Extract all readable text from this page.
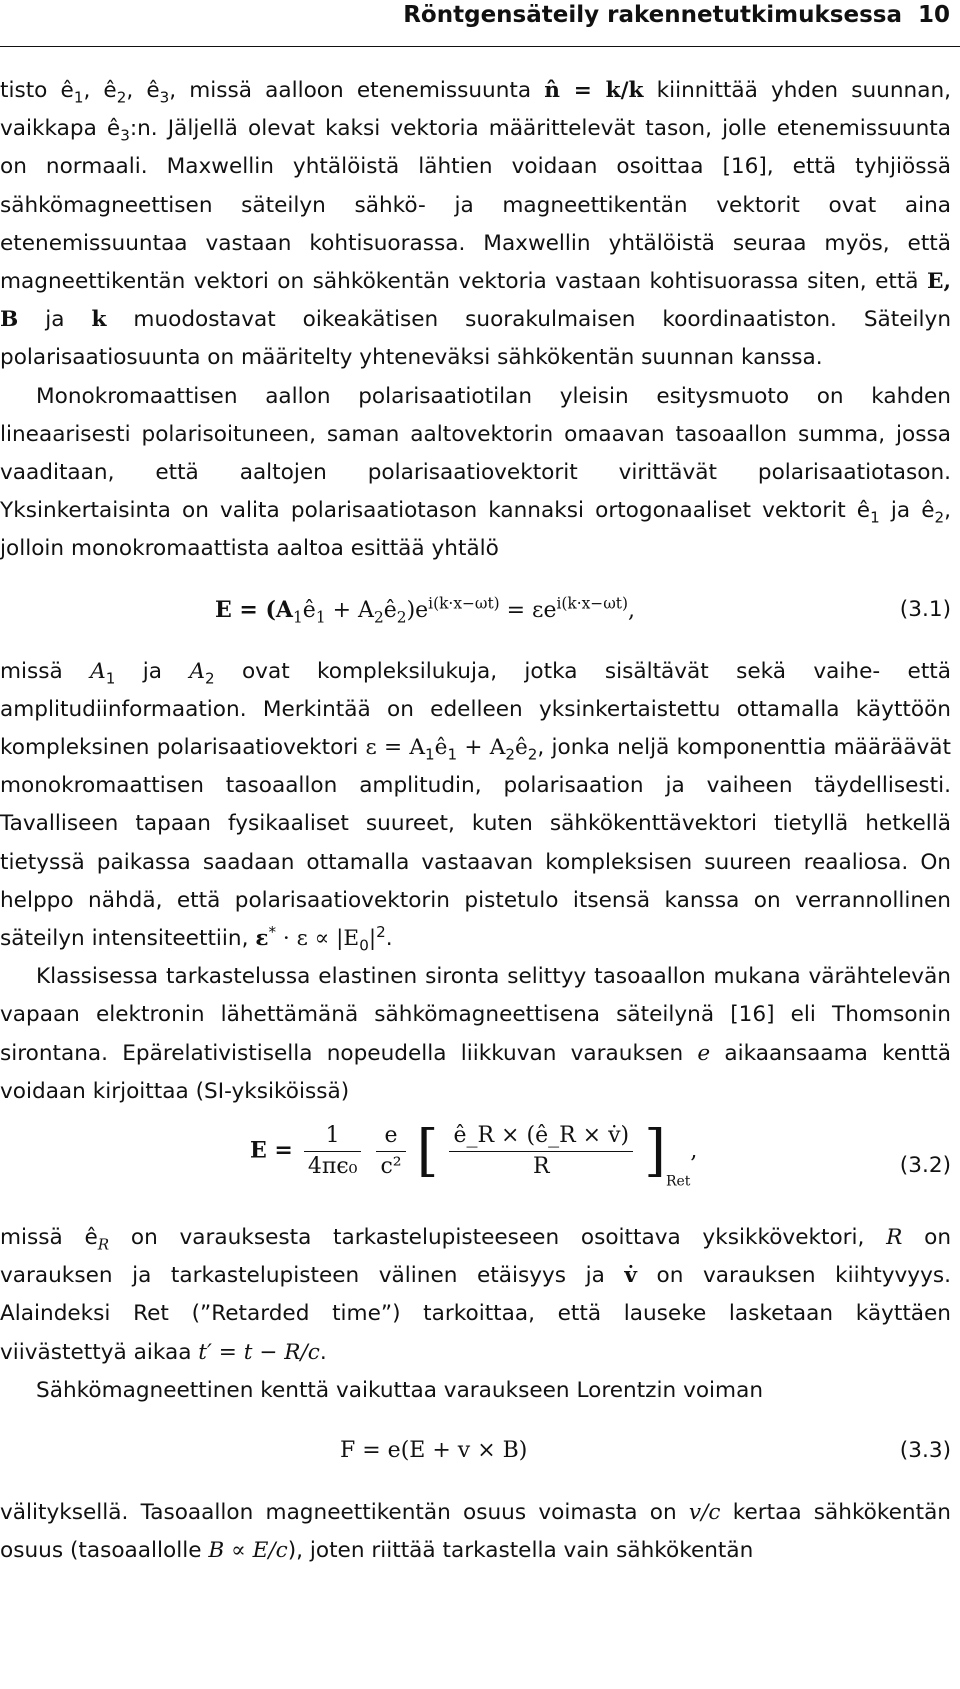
Röntgensäteily rakennetutkimuksessa 10

tisto $ê_1$, $ê_2$, $ê_3$, missä aalloon etenemissuunta n̂ = k/k kiinnittää yhden suunnan, vaikkapa $ê_3:n$. Jäljellä olevat kaksi vektoria määrittelevät tason, jolle etenemissuunta on normaali. Maxwellin yhtälöistä lähtien voidaan osoittaa [16], että tyhjiössä sähkömagneettisen säteilyn sähkö- ja magneettikentän vektorit ovat aina etenemissuuntaa vastaan kohtisuorassa. Maxwellin yhtälöistä seuraa myös, että magneettikentän vektori on sähkökentän vektoria vastaan kohtisuorassa siten, että E, B ja k muodostavat oikeakätisen suorakulmaisen koordinaatiston. Säteilyn polarisaatiosuunta on määritelty yhteneväksi sähkökentän suunnan kanssa.

Monokromaattisen aallon polarisaatiotilan yleisin esitysmuoto on kahden lineaarisesti polarisoituneen, saman aaltovektorin omaavan tasoaallon summa, jossa vaaditaan, että aaltojen polarisaatiovektorit virittävät polarisaatiotason. Yksinkertaisinta on valita polarisaatiotason kannaksi ortogonaaliset vektorit $ê_1$ ja $ê_2$, jolloin monokromaattista aaltoa esittää yhtälö

$E = (A_1ê_1$ + $A_2ê_2)e^{i(k\cdot x-\omega t)} = \varepsilon e^{i(k\cdot x-\omega t)}$,	(3.1)

missä $A_1$ ja $A_2$ ovat kompleksilukuja, jotka sisältävät sekä vaihe- että amplitudiinformaation. Merkintää on edelleen yksinkertaistettu ottamalla käyttöön kompleksinen polarisaatiovektori $\varepsilon = A_1ê_1$ + $A_2ê_2$, jonka neljä komponenttia määräävät monokromaattisen tasoaallon amplitudin, polarisaation ja vaiheen täydellisesti. Tavalliseen tapaan fysikaaliset suureet, kuten sähkökenttävektori tietyllä hetkellä tietyssä paikassa saadaan ottamalla vastaavan kompleksisen suureen reaaliosa. On helppo nähdä, että polarisaatiovektorin pistetulo itsensä kanssa on verrannollinen säteilyn intensiteettiin, $\varepsilon^* \cdot \varepsilon \propto |E_0|^2$.

Klassisessa tarkastelussa elastinen sironta selittyy tasoaallon mukana värähtelevän vapaan elektronin lähettämänä sähkömagneettisena säteilynä [16] eli Thomsonin sirontana. Epärelativistisella nopeudella liikkuvan varauksen e aikaansaama kenttä voidaan kirjoittaa (SI-yksiköissä)

$E = \frac{1}{\text{4πϵ₀}}$
$\frac{e}{\text{c²}}$ [ $\frac{ê\_R \times (ê\_R \times v̇)}{R} ]_{Ret}$,
(3.2)

missä $ê_R$ on varauksesta tarkastelupisteeseen osoittava yksikkövektori, R on varauksen ja tarkastelupisteen välinen etäisyys ja v̇ on varauksen kiihtyvyys. Alaindeksi Ret (”Retarded time”) tarkoittaa, että lauseke lasketaan käyttäen viivästettyä aikaa t′ = t − R/c.

Sähkömagneettinen kenttä vaikuttaa varaukseen Lorentzin voiman

F = e(E + v × B)	(3.3)

välityksellä. Tasoaallon magneettikentän osuus voimasta on v/c kertaa sähkökentän osuus (tasoaallolle B ∝ E/c), joten riittää tarkastella vain sähkökentän
